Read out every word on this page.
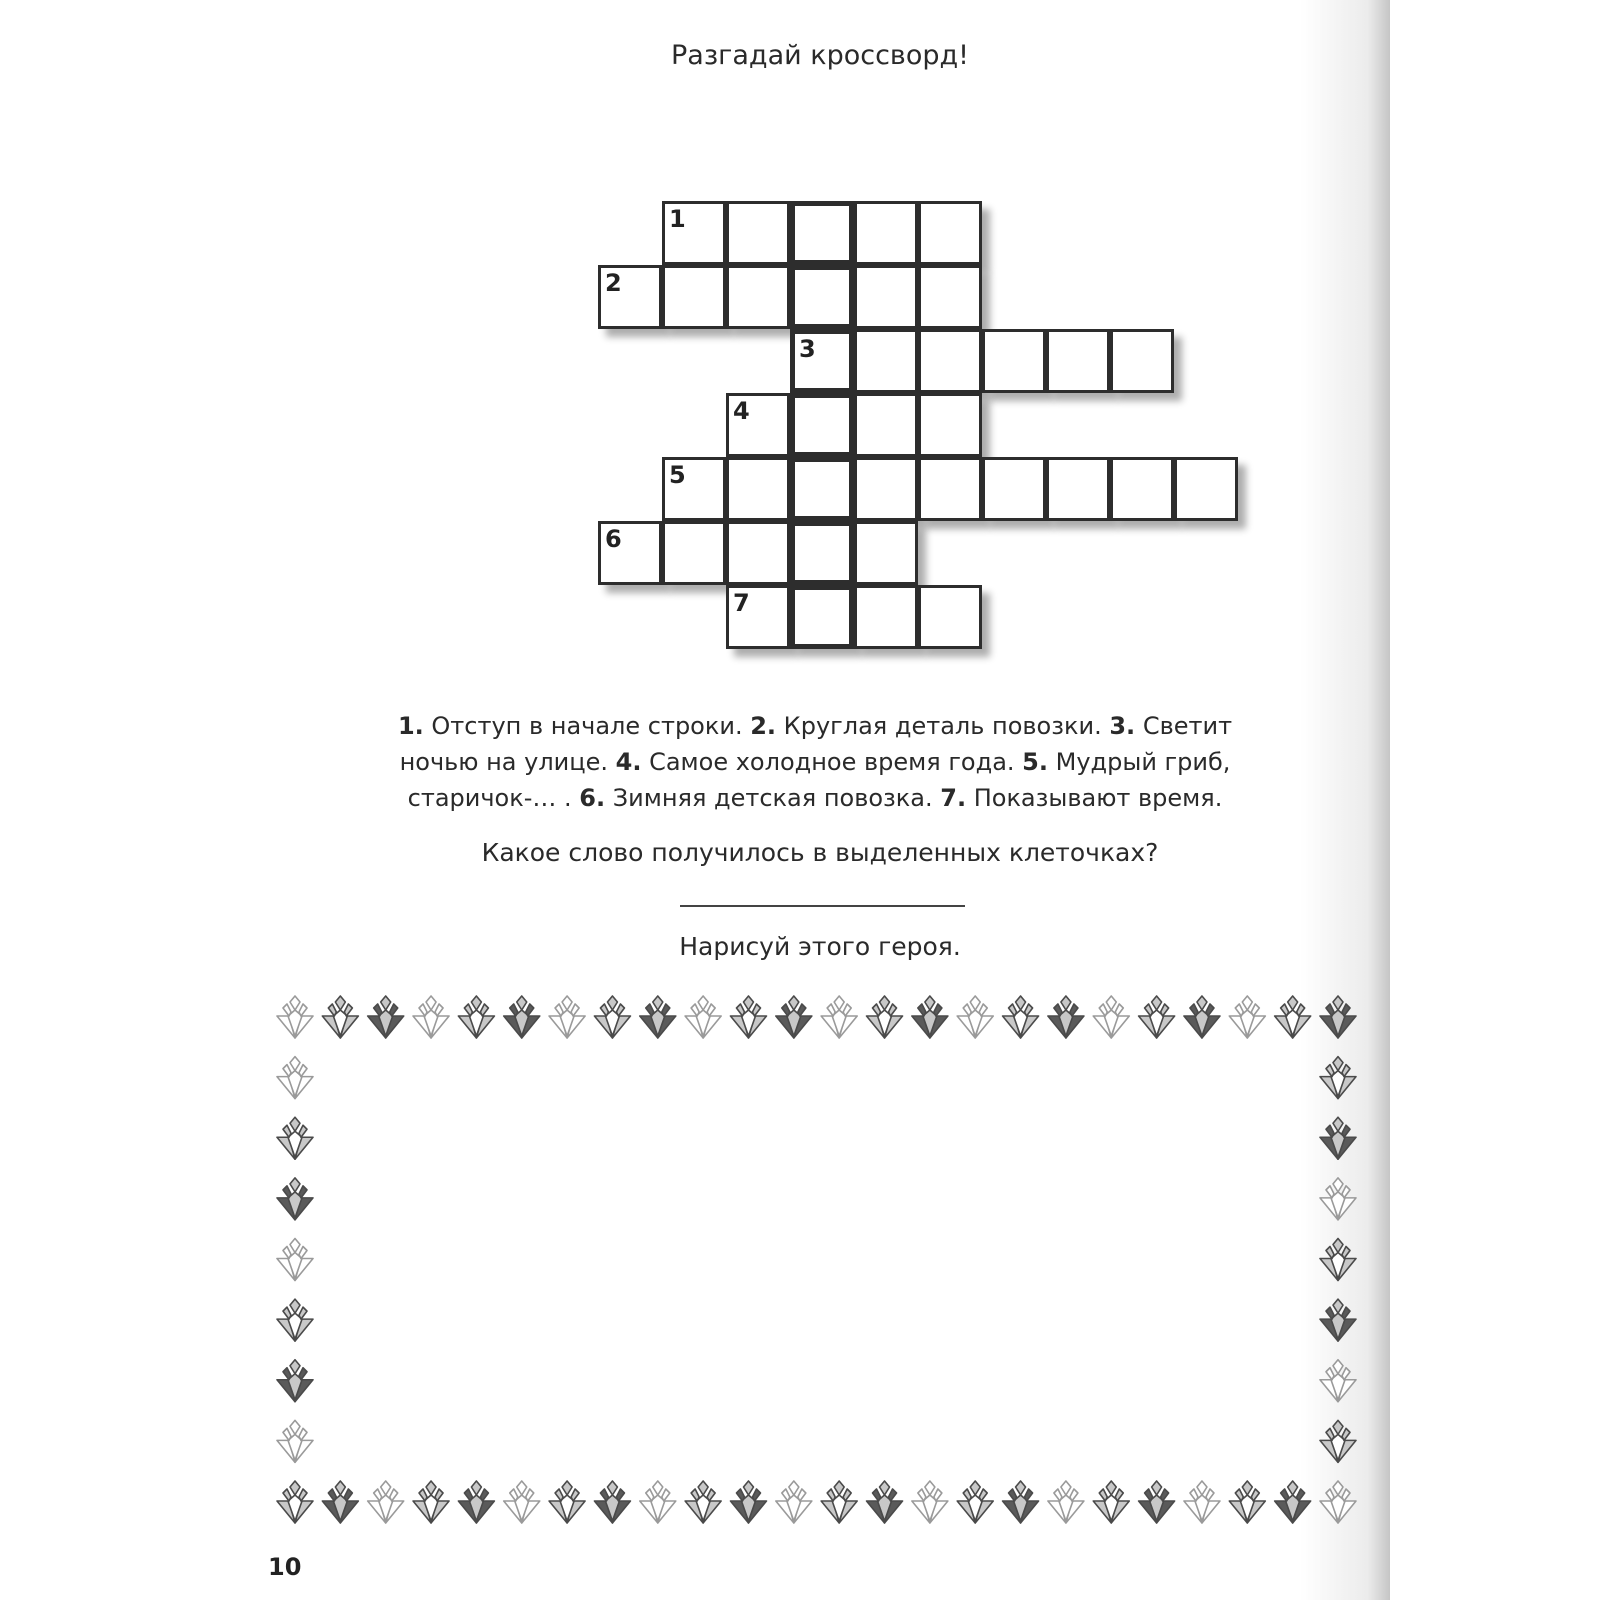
Разгадай кроссворд!
1
2
3
4
5
6
7
1. Отступ в начале строки. 2. Круглая деталь повозки. 3. Светит ночью на улице. 4. Самое холодное время года. 5. Мудрый гриб, старичок-… . 6. Зимняя детская повозка. 7. Показывают время.
Какое слово получилось в выделенных клеточках?
Нарисуй этого героя.
10
